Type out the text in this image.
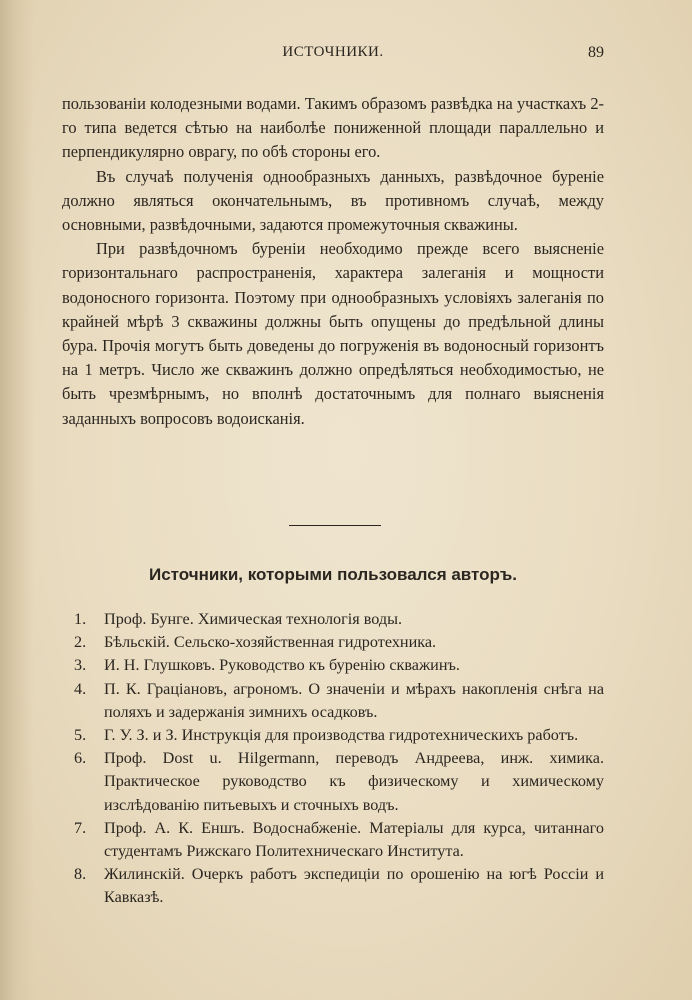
ИСТОЧНИКИ.	89

пользованіи колодезными водами. Такимъ образомъ развѣдка на участкахъ 2-го типа ведется сѣтью на наиболѣе пониженной площади параллельно и перпендикулярно оврагу, по обѣ стороны его.

Въ случаѣ полученія однообразныхъ данныхъ, развѣдочное буреніе должно являться окончательнымъ, въ противномъ случаѣ, между основными, развѣдочными, задаются промежуточныя скважины.

При развѣдочномъ буреніи необходимо прежде всего выясненіе горизонтальнаго распространенія, характера залеганія и мощности водоносного горизонта. Поэтому при однообразныхъ условіяхъ залеганія по крайней мѣрѣ 3 скважины должны быть опущены до предѣльной длины бура. Прочія могутъ быть доведены до погруженія въ водоносный горизонтъ на 1 метръ. Число же скважинъ должно опредѣляться необходимостью, не быть чрезмѣрнымъ, но вполнѣ достаточнымъ для полнаго выясненія заданныхъ вопросовъ водоисканія.

Источники, которыми пользовался авторъ.
1. Проф. Бунге. Химическая технологія воды.
2. Бѣльскій. Сельско-хозяйственная гидротехника.
3. И. Н. Глушковъ. Руководство къ буренію скважинъ.
4. П. К. Граціановъ, агрономъ. О значеніи и мѣрахъ накопленія снѣга на поляхъ и задержанія зимнихъ осадковъ.
5. Г. У. З. и З. Инструкція для производства гидротехническихъ работъ.
6. Проф. Dost u. Hilgermann, переводъ Андреева, инж. химика. Практическое руководство къ физическому и химическому изслѣдованію питьевыхъ и сточныхъ водъ.
7. Проф. А. К. Еншъ. Водоснабженіе. Матеріалы для курса, читаннаго студентамъ Рижскаго Политехническаго Института.
8. Жилинскій. Очеркъ работъ экспедиціи по орошенію на югѣ Россіи и Кавказѣ.
